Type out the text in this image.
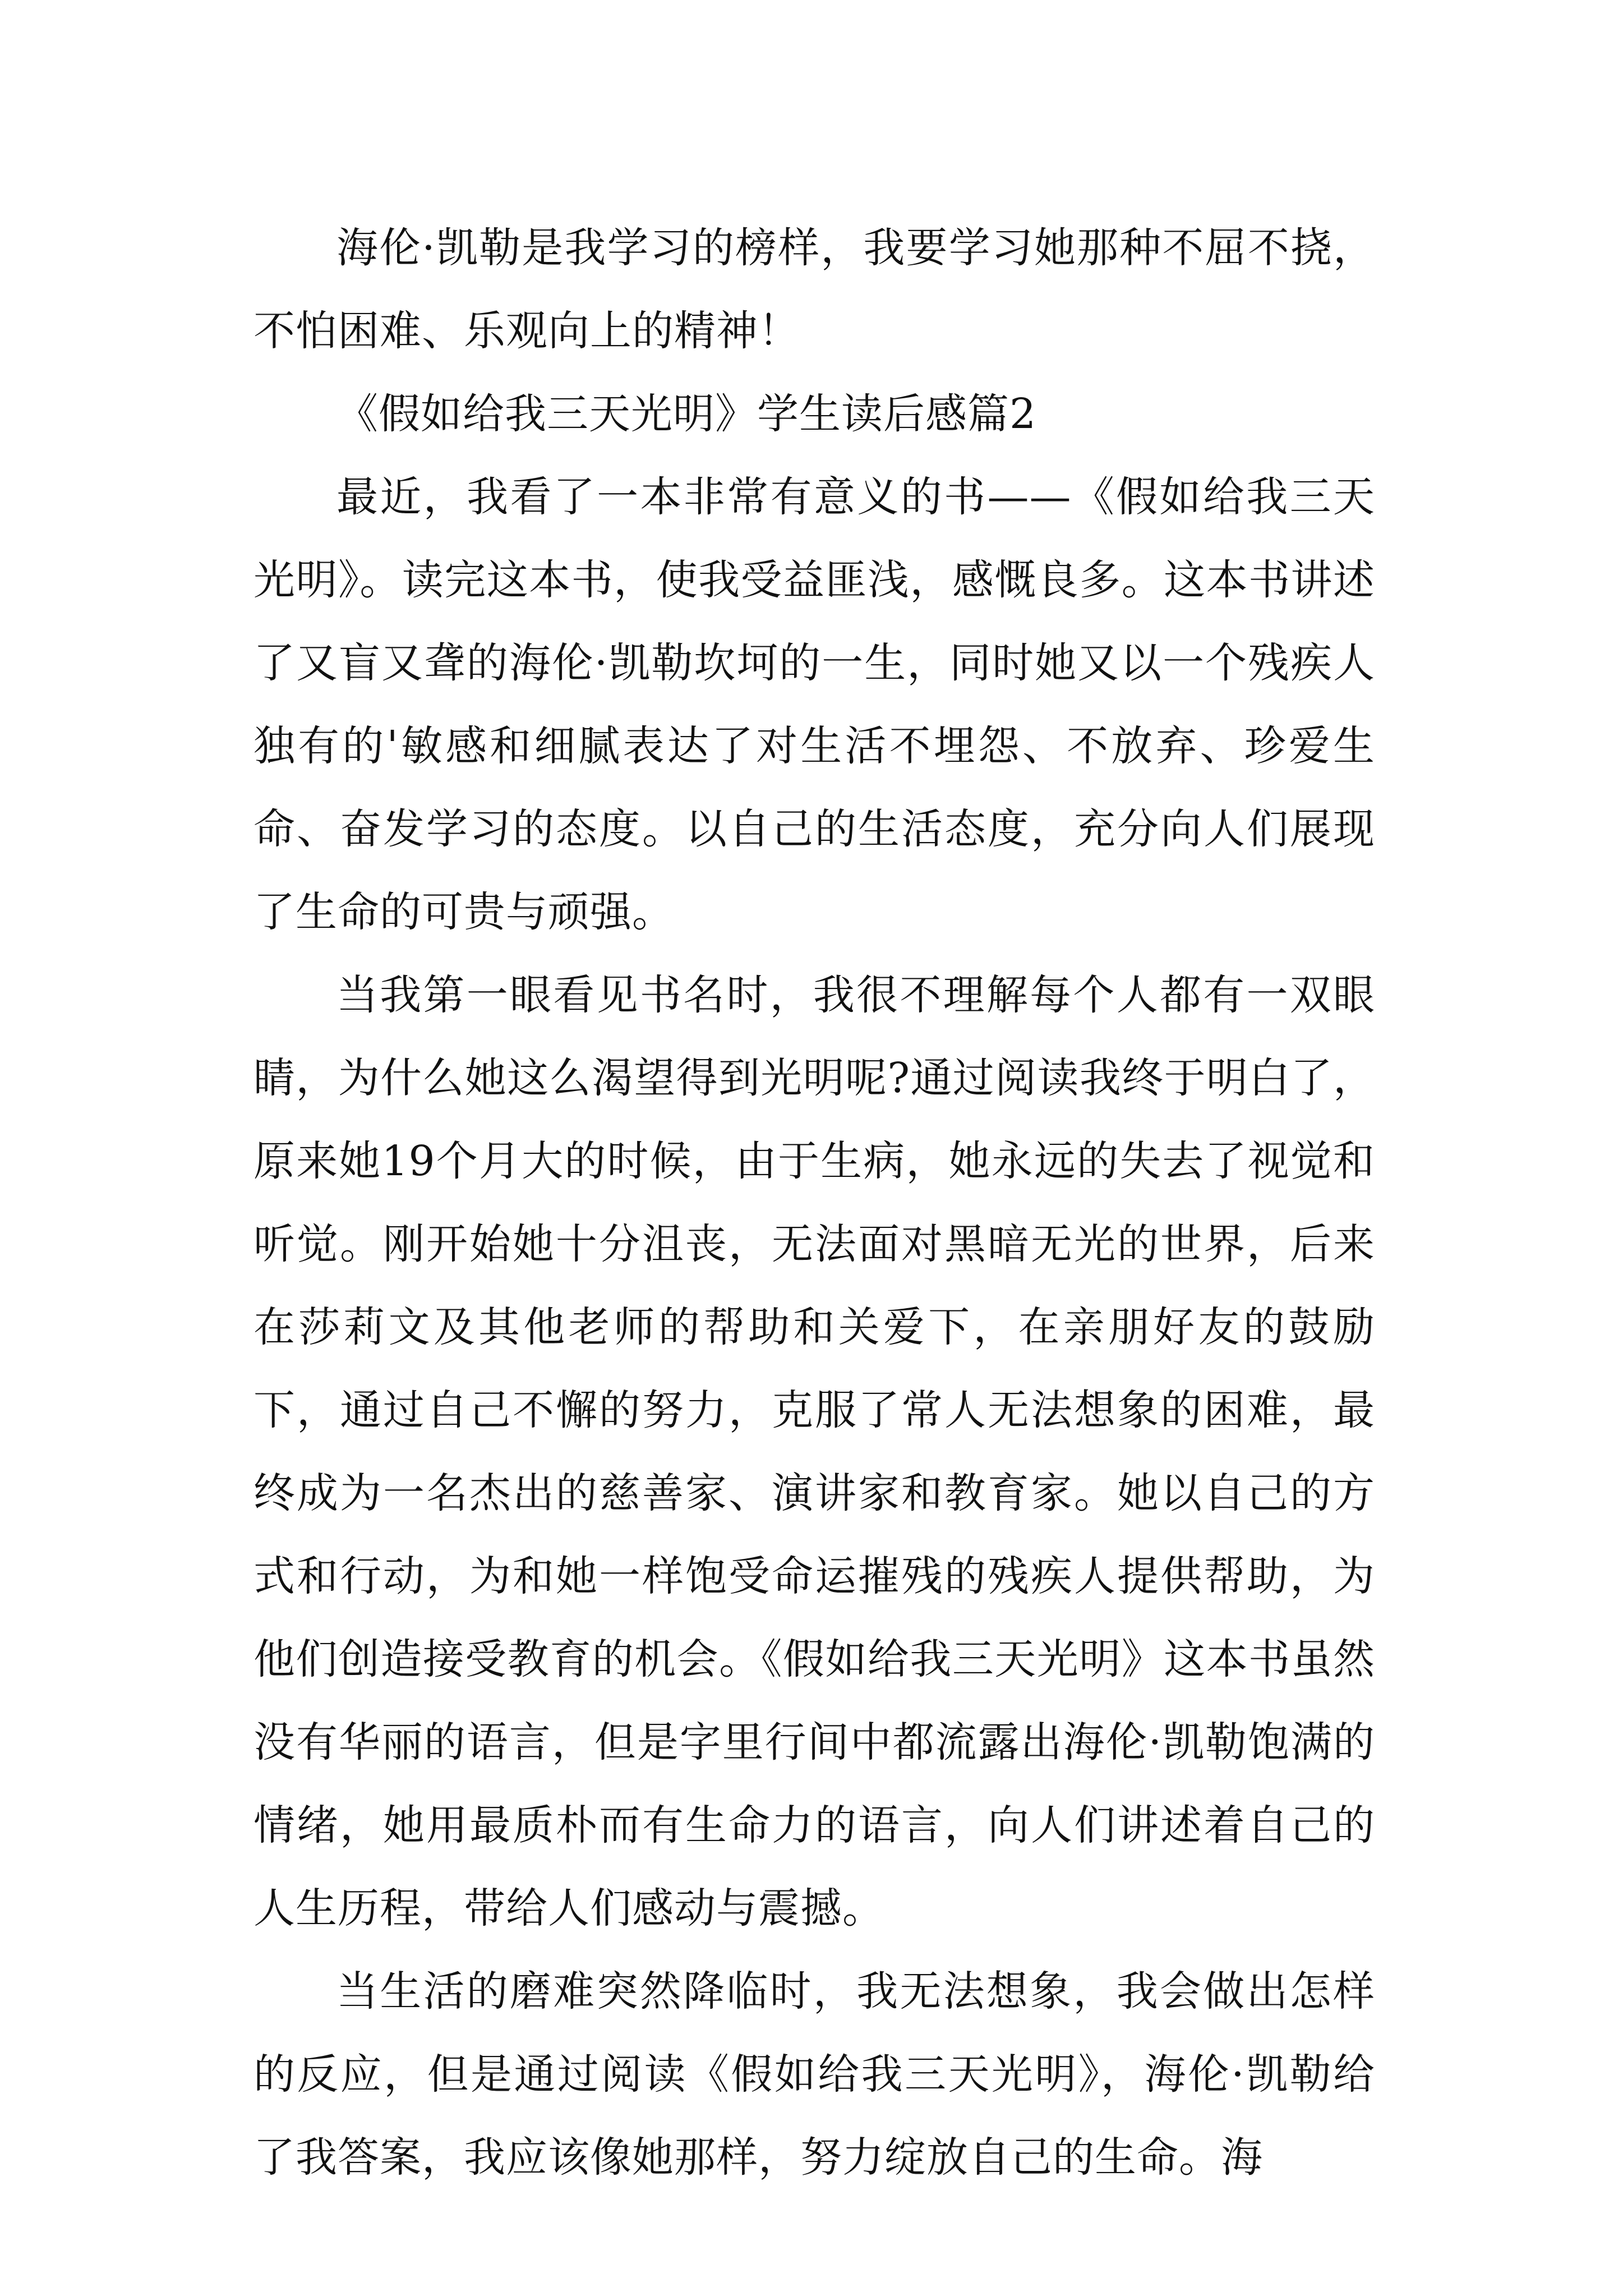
海伦·凯勒是我学习的榜样，我要学习她那种不屈不挠，不怕困难、乐观向上的精神！

《假如给我三天光明》学生读后感篇2

最近，我看了一本非常有意义的书——《假如给我三天光明》。读完这本书，使我受益匪浅，感慨良多。这本书讲述了又盲又聋的海伦·凯勒坎坷的一生，同时她又以一个残疾人独有的'敏感和细腻表达了对生活不埋怨、不放弃、珍爱生命、奋发学习的态度。以自己的生活态度，充分向人们展现了生命的可贵与顽强。

当我第一眼看见书名时，我很不理解每个人都有一双眼睛，为什么她这么渴望得到光明呢?通过阅读我终于明白了，原来她19个月大的时候，由于生病，她永远的失去了视觉和听觉。刚开始她十分沮丧，无法面对黑暗无光的世界，后来在莎莉文及其他老师的帮助和关爱下，在亲朋好友的鼓励下，通过自己不懈的努力，克服了常人无法想象的困难，最终成为一名杰出的慈善家、演讲家和教育家。她以自己的方式和行动，为和她一样饱受命运摧残的残疾人提供帮助，为他们创造接受教育的机会。《假如给我三天光明》这本书虽然没有华丽的语言，但是字里行间中都流露出海伦·凯勒饱满的情绪，她用最质朴而有生命力的语言，向人们讲述着自己的人生历程，带给人们感动与震撼。

当生活的磨难突然降临时，我无法想象，我会做出怎样的反应，但是通过阅读《假如给我三天光明》，海伦·凯勒给了我答案，我应该像她那样，努力绽放自己的生命。海
